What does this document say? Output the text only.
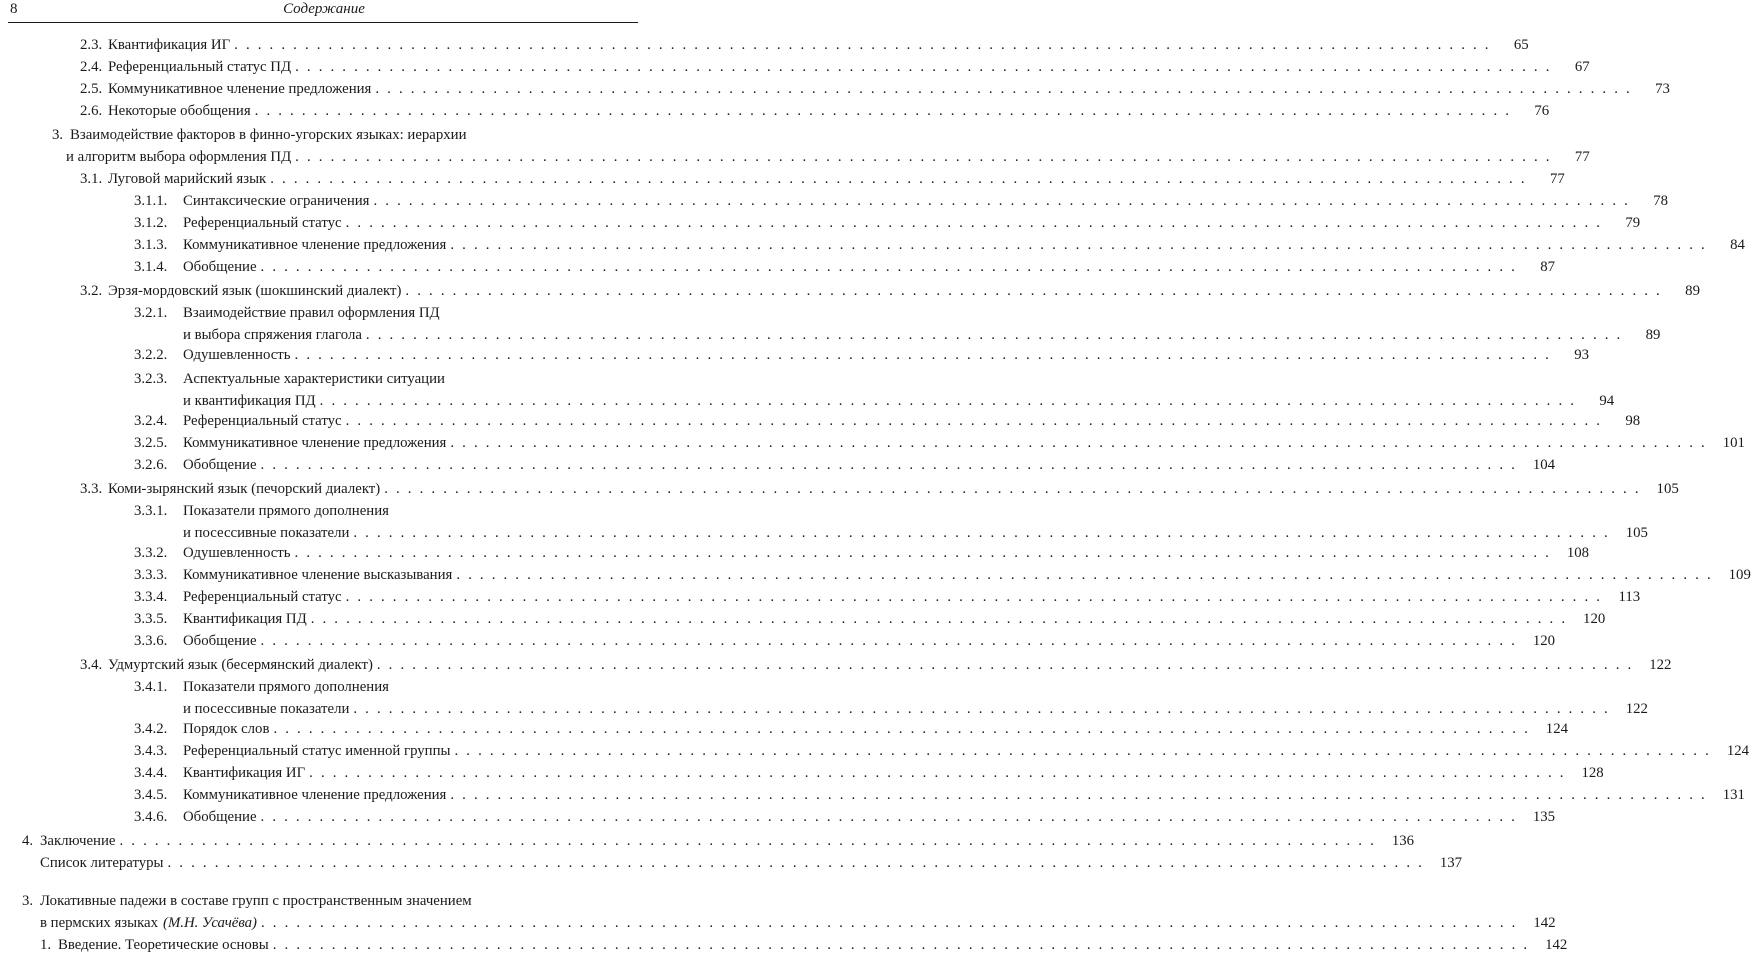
8	Содержание
2.3. Квантификация ИГ . . .	65
2.4. Референциальный статус ПД . . .	67
2.5. Коммуникативное членение предложения . . .	73
2.6. Некоторые обобщения . . .	76
3. Взаимодействие факторов в финно-угорских языках: иерархии
и алгоритм выбора оформления ПД . . .	77
3.1. Луговой марийский язык . . .	77
3.1.1.	Синтаксические ограничения . . .	78
3.1.2.	Референциальный статус . . .	79
3.1.3.	Коммуникативное членение предложения . . .	84
3.1.4.	Обобщение . . .	87
3.2. Эрзя-мордовский язык (шокшинский диалект) . . .	89
3.2.1.	Взаимодействие правил оформления ПД
и выбора спряжения глагола . . .	89
3.2.2.	Одушевленность . . .	93
3.2.3.	Аспектуальные характеристики ситуации
и квантификация ПД . . .	94
3.2.4.	Референциальный статус . . .	98
3.2.5.	Коммуникативное членение предложения . . .	101
3.2.6.	Обобщение . . .	104
3.3. Коми-зырянский язык (печорский диалект) . . .	105
3.3.1.	Показатели прямого дополнения
и посессивные показатели . . .	105
3.3.2.	Одушевленность . . .	108
3.3.3.	Коммуникативное членение высказывания . . .	109
3.3.4.	Референциальный статус . . .	113
3.3.5.	Квантификация ПД . . .	120
3.3.6.	Обобщение . . .	120
3.4. Удмуртский язык (бесермянский диалект) . . .	122
3.4.1.	Показатели прямого дополнения
и посессивные показатели . . .	122
3.4.2.	Порядок слов . . .	124
3.4.3.	Референциальный статус именной группы . . .	124
3.4.4.	Квантификация ИГ . . .	128
3.4.5.	Коммуникативное членение предложения . . .	131
3.4.6.	Обобщение . . .	135
4. Заключение . . .	136
Список литературы . . .	137
3. Локативные падежи в составе групп с пространственным значением
в пермских языках (М.Н. Усачёва) . . .	142
1. Введение. Теоретические основы . . .	142
